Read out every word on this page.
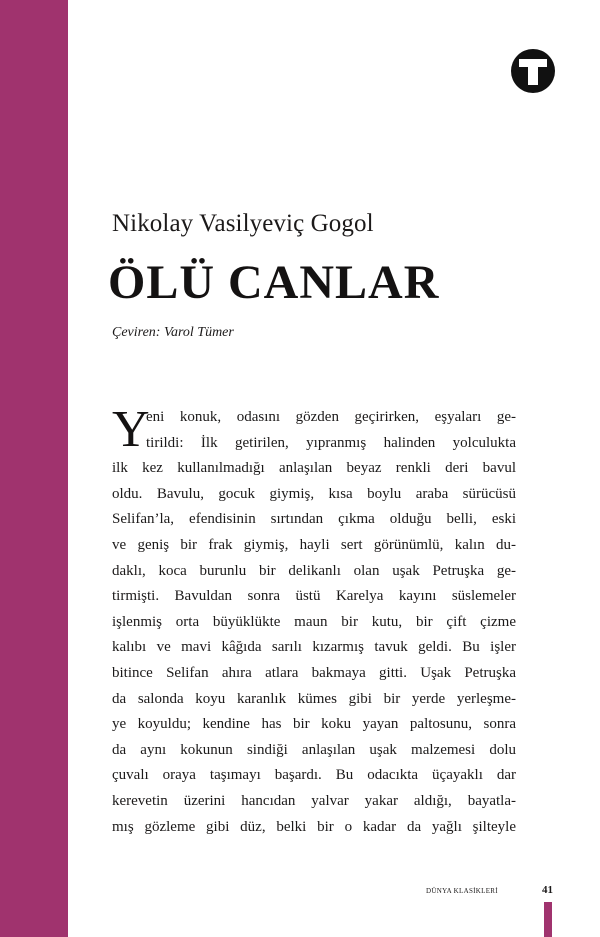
Nikolay Vasilyeviç Gogol
ÖLÜ CANLAR
Çeviren: Varol Tümer
Y
eni konuk, odasını gözden geçirirken, eşyaları ge-
tirildi: İlk getirilen, yıpranmış halinden yolculukta
ilk kez kullanılmadığı anlaşılan beyaz renkli deri bavul
oldu. Bavulu, gocuk giymiş, kısa boylu araba sürücüsü
Selifan’la, efendisinin sırtından çıkma olduğu belli, eski
ve geniş bir frak giymiş, hayli sert görünümlü, kalın du-
daklı, koca burunlu bir delikanlı olan uşak Petruşka ge-
tirmişti. Bavuldan sonra üstü Karelya kayını süslemeler
işlenmiş orta büyüklükte maun bir kutu, bir çift çizme
kalıbı ve mavi kâğıda sarılı kızarmış tavuk geldi. Bu işler
bitince Selifan ahıra atlara bakmaya gitti. Uşak Petruşka
da salonda koyu karanlık kümes gibi bir yerde yerleşme-
ye koyuldu; kendine has bir koku yayan paltosunu, sonra
da aynı kokunun sindiği anlaşılan uşak malzemesi dolu
çuvalı oraya taşımayı başardı. Bu odacıkta üçayaklı dar
kerevetin üzerini hancıdan yalvar yakar aldığı, bayatla-
mış gözleme gibi düz, belki bir o kadar da yağlı şilteyle
DÜNYA KLASİKLERİ	41
